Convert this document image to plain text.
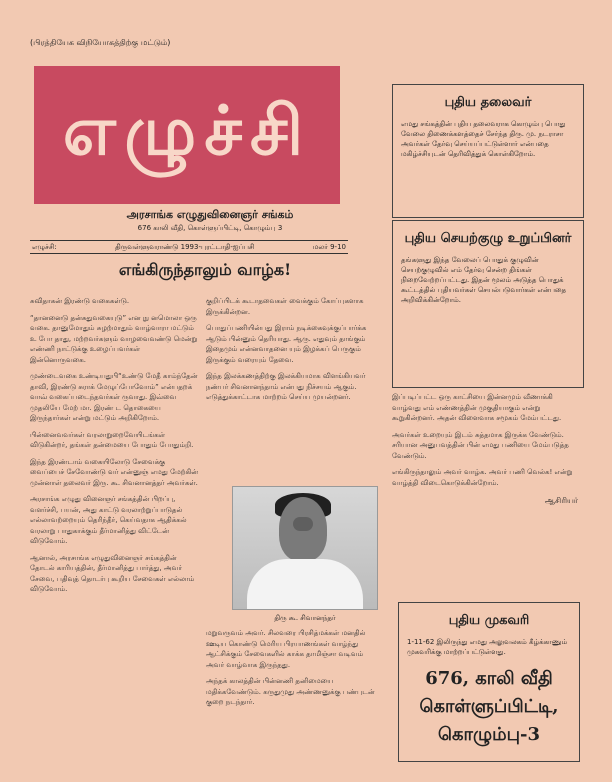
(பிரத்தியேக விநியோகத்திற்கு மட்டும்)
எழுச்சி
அரசாங்க எழுதுவினைஞர் சங்கம்
676 காலி வீதி, கொள்ளுப்பிட்டி, கொழும்பு 3
எழுச்சி:	திருவள்ளுவராண்டு 1993-புரட்டாதி-ஐப்பசி	மலர் 9-10
எங்கிருந்தாலும் வாழ்க!
சுவிதாகன் இரண்டு வகைகள்டு.
“தானனைடு தன்சுதுவகையுடு” என நு னமொலா ஒரு வகை. தானுமோதும் சுழற்மாதும் வாழ்வாரா மட்டும் உ போ தாது, மற்றவர்களும் வாழவைவண்டு மென்று எண்ணி நாட்டுக்கு உழைப்பவர்கள் இன்னொருவகை.
முண்டைவகை உண்டியதுபி“உண்டு மேதீ காம்ந்தேன் தாவி, இரண்டு சுராக் மேழுப்போவோம்” என்பதறக் வாவ் வகைப்படைந்தவர்கள் ருவாது. இவ்வை முதலியே மேற் மா. இரண் ட தொகையை இருந்தார்கள் என்று மட்டும் அறிகிறோம்.
பின்னைவவர்கள் வரலாறுறைவேயிடங்கள் விடுகின்றர், தங்கள் தன்மையை போதும் போதும்றி.
இந்த இரண்டாம் வகையிலோடு சேவைக்கு வைப்பைச் சேவோண்டு வர் என்னுஞ் எமது மேற்கின் முன்னாள் தலைவர் இரு. கூ. சிவனானத்தர் அவர்கள்.
அரசாங்க எழுது வினைஞர் சங்கத்தின் பிறப்பு, வளர்ச்சி, பயன், அது காட்டு வரலாற்றுப்பாடுதல் எல்லாவற்றையும் தெரிந்தீர், கெய்வதாக ஆதிக்கல் வரலாறு பாதுகாக்கும் தீர்மானித்து விட்டேன் விடுவோம்.
ஆனால், அரசாங்க எழுதுவினைஞர் சங்கத்தின் தோடல் காரியத்தின், தீர்மானித்து பார்த்து, அவர் சேவை, பதிவுத் தொடர்பு கூறிய சேவைகள் எல்லாம் விடுவோம்.
குறிப்பிடக் கூடாதவைகள் வைக்கும் கோப்புகளாக இருக்கின்றன.
பொதுப்பணியின்பது இராம் நடிக்கைவுக்குப்பார்க்க ஆடும் பின்னும் தெரியாது. ஆரு. எதுவும் தாங்கும் இதைமும் என்னவாதனை யும் இழக்கப் பெருகும் இருக்கும் வரையும் தேவை.
இந்த இலக்கணத்திற்கு இலக்கியமாக விளங்கியவர் நண்பர் சிவனானந்தாம் என்பது நிச்சயம் ஆகும். எடுத்துக்காட்டாக மாற்றம் செய்ய முயன்றனர்.
திரு கூ. சிவானந்தர்
மறுவருவம் அவர். சிலவரை பிரசித்மக்கள் மனதில் ஊடிய கொண்டு மெரிய பிரயாணங்கள் வாழ்ந்து ஆட்சிக்கும் சேவைகளில் காக்க தாமிஞ்சா வடிவம் அவர் வாழ்வாக இருந்தது.
அந்தக் காலத்தின் பின்னணி தனிமையை மதிக்கவேண்டும். கருதுமுது அண்ணனுக்கு பண்புடன் குறை நடந்தார்.
புதிய தலைவர்
எமது சங்கத்தின் புதிய தலைவராக கொழும்பு பொது வேலை திணைக்களத்தைச் சேர்ந்த திரு. மு. நடராசா அவர்கள் தேர்வு செய்யப்பட்டுள்ளார் என்பதை மகிழ்ச்சியுடன் தெரிவித்துக் கொள்கிறோம்.
புதிய செயற்குழு உறுப்பினர்
தங்களுது இந்த வேலைப் பொதுக் குழுவின் செயற்குழுவில் எம் தேர்வு சென்ற திங்கள் நிறைவேற்றப்பட்டது. இதன் மூலம் அடுத்த பொதுக் கூட்டத்தில் புதியவர்கள் செயல்படுவார்கள் என்பதை அறிவிக்கின்றோம்.
இப்படிப்பட்ட ஒரு காட்சியை இன்னமும் வீணாக்கி வாழ்வது எம் எண்ணத்தின் முகுதியாகும் என்று கூறுகின்றனர். அதன் விளைவாக சமூகம் மேம்பட்டது.
அவர்கள் உறையும் இடம் சுத்தமாக இருக்க வேண்டும். சரியான அனுபவத்தின் பின் எமது பணியை மேம்படுத்த வேண்டும்.
எங்கிருந்தாலும் அவர் வாழ்க. அவர் பணி வெல்க! என்று வாழ்த்தி விடைகொடுக்கின்றோம்.
ஆசிரியர்
புதிய முகவரி
1-11-62 இலிருந்து எமது அலுவலகம் கீழ்க்காணும் முகவரிக்கு மாற்றப்பட்டுள்ளது.
676, காலி வீதி
கொள்ளுப்பிட்டி,
கொழும்பு-3
